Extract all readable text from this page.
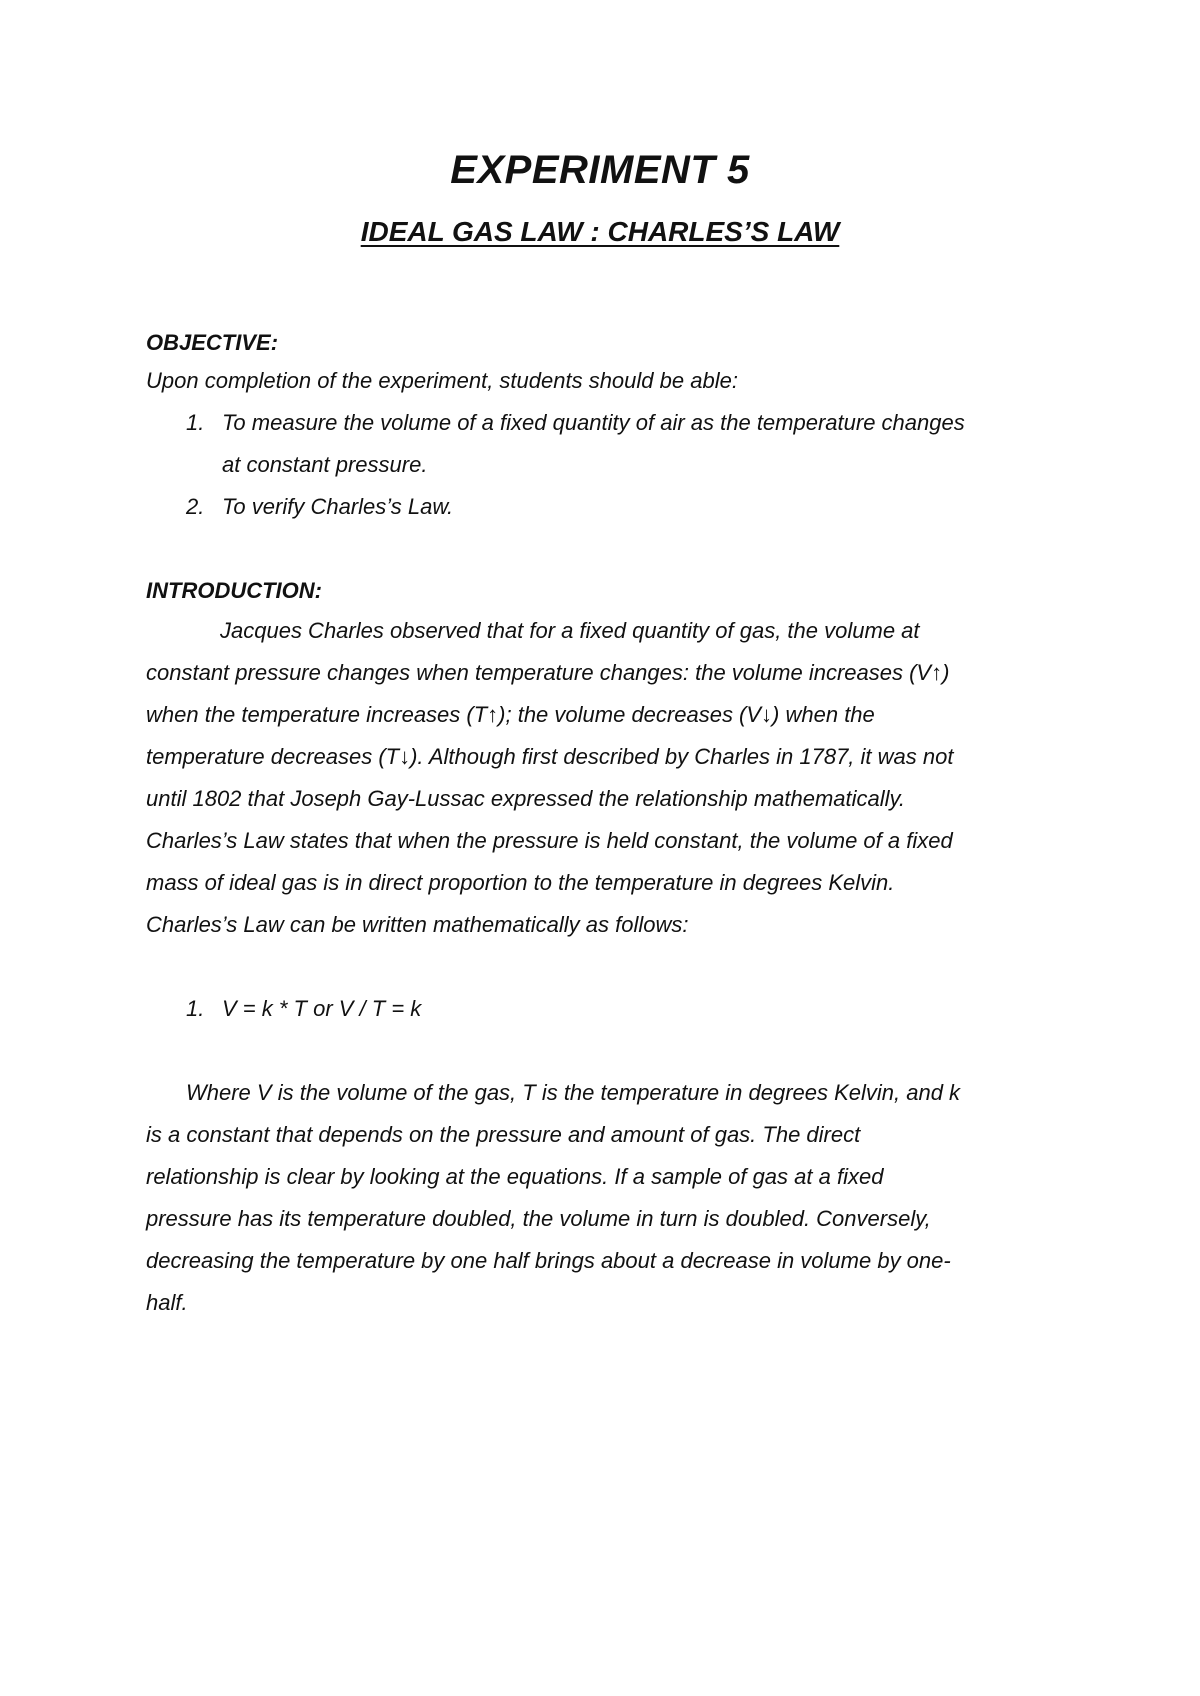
EXPERIMENT 5
IDEAL GAS LAW : CHARLES’S LAW
OBJECTIVE:
Upon completion of the experiment, students should be able:
1. To measure the volume of a fixed quantity of air as the temperature changes
at constant pressure.
2. To verify Charles’s Law.
INTRODUCTION:
Jacques Charles observed that for a fixed quantity of gas, the volume at
constant pressure changes when temperature changes: the volume increases (V↑)
when the temperature increases (T↑); the volume decreases (V↓) when the
temperature decreases (T↓). Although first described by Charles in 1787, it was not
until 1802 that Joseph Gay-Lussac expressed the relationship mathematically.
Charles’s Law states that when the pressure is held constant, the volume of a fixed
mass of ideal gas is in direct proportion to the temperature in degrees Kelvin.
Charles’s Law can be written mathematically as follows:
1. V = k * T or V / T = k
Where V is the volume of the gas, T is the temperature in degrees Kelvin, and k
is a constant that depends on the pressure and amount of gas. The direct
relationship is clear by looking at the equations. If a sample of gas at a fixed
pressure has its temperature doubled, the volume in turn is doubled. Conversely,
decreasing the temperature by one half brings about a decrease in volume by one-
half.
